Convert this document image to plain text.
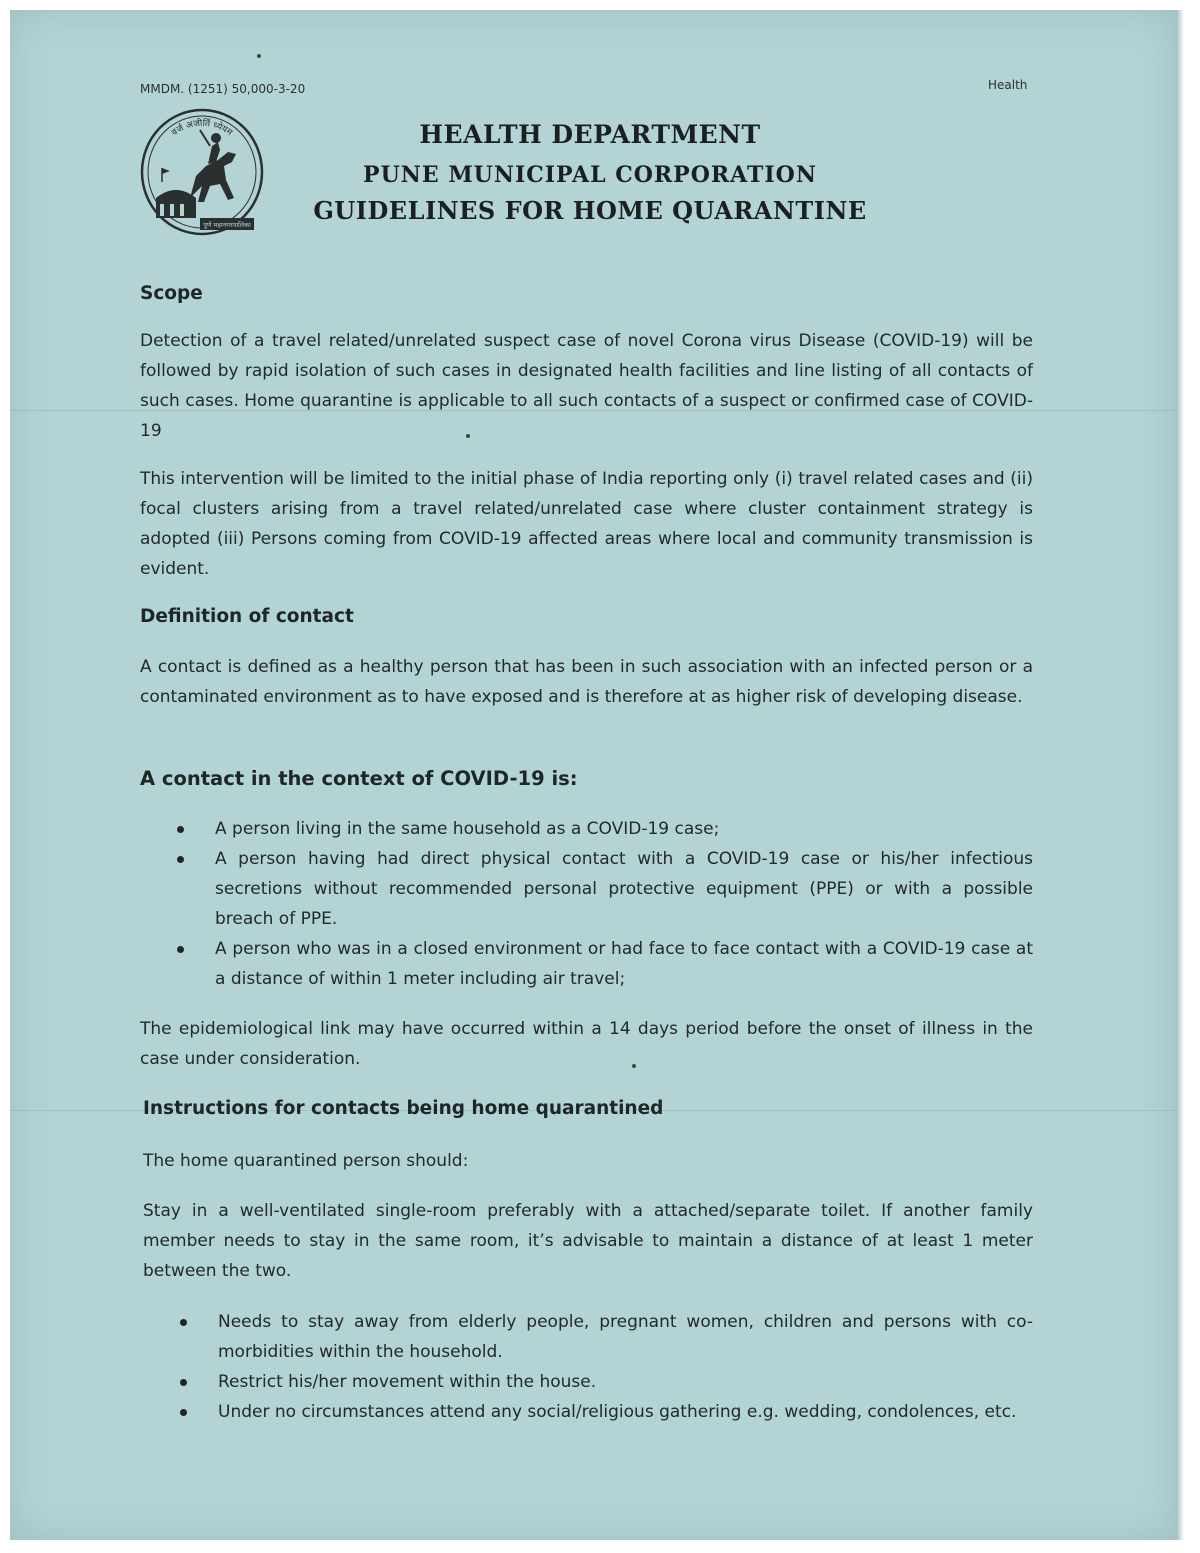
MMDM. (1251) 50,000-3-20	Health
वर्ज अजीर्ति ध्येयम
पुणे महानगरपालिका
HEALTH DEPARTMENT
PUNE MUNICIPAL CORPORATION
GUIDELINES FOR HOME QUARANTINE
Scope

Detection of a travel related/unrelated suspect case of novel Corona virus Disease (COVID-19) will be followed by rapid isolation of such cases in designated health facilities and line listing of all contacts of such cases. Home quarantine is applicable to all such contacts of a suspect or confirmed case of COVID-19

This intervention will be limited to the initial phase of India reporting only (i) travel related cases and (ii) focal clusters arising from a travel related/unrelated case where cluster containment strategy is adopted (iii) Persons coming from COVID-19 affected areas where local and community transmission is evident.

Definition of contact

A contact is defined as a healthy person that has been in such association with an infected person or a contaminated environment as to have exposed and is therefore at as higher risk of developing disease.

A contact in the context of COVID-19 is:
A person living in the same household as a COVID-19 case;
A person having had direct physical contact with a COVID-19 case or his/her infectious secretions without recommended personal protective equipment (PPE) or with a possible breach of PPE.
A person who was in a closed environment or had face to face contact with a COVID-19 case at a distance of within 1 meter including air travel;

The epidemiological link may have occurred within a 14 days period before the onset of illness in the case under consideration.

Instructions for contacts being home quarantined

The home quarantined person should:

Stay in a well-ventilated single-room preferably with a attached/separate toilet. If another family member needs to stay in the same room, it’s advisable to maintain a distance of at least 1 meter between the two.

Needs to stay away from elderly people, pregnant women, children and persons with co-morbidities within the household.
Restrict his/her movement within the house.
Under no circumstances attend any social/religious gathering e.g. wedding, condolences, etc.
